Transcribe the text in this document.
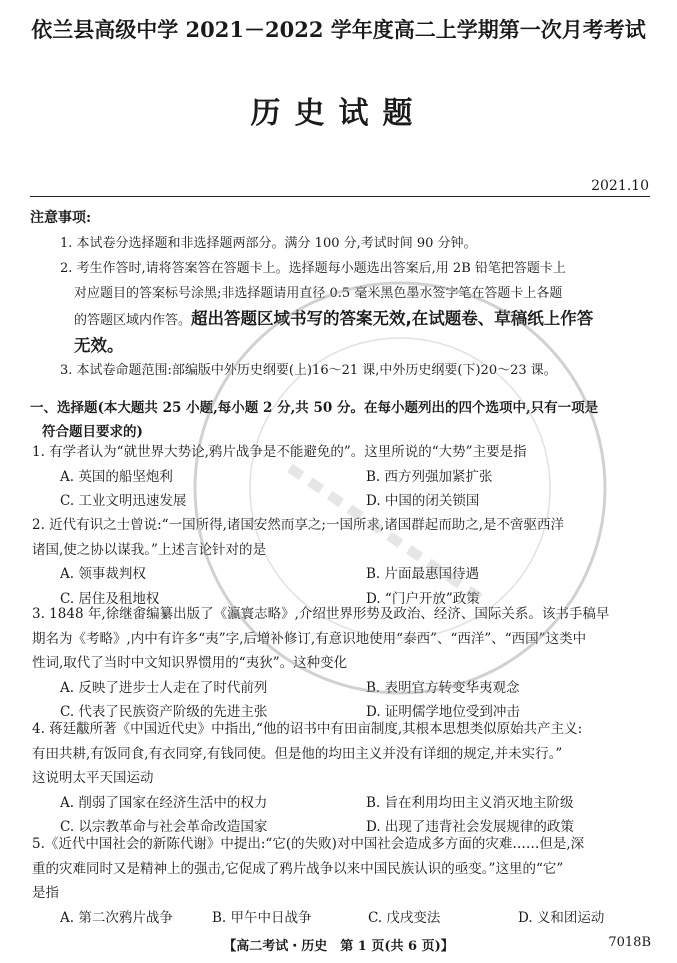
依兰县高级中学 2021－2022 学年度高二上学期第一次月考考试
历史试题
2021.10

注意事项:

1. 本试卷分选择题和非选择题两部分。满分 100 分,考试时间 90 分钟。

2. 考生作答时,请将答案答在答题卡上。选择题每小题选出答案后,用 2B 铅笔把答题卡上

对应题目的答案标号涂黑;非选择题请用直径 0.5 毫米黑色墨水签字笔在答题卡上各题

的答题区域内作答。超出答题区域书写的答案无效,在试题卷、草稿纸上作答

无效。

3. 本试卷命题范围:部编版中外历史纲要(上)16～21 课,中外历史纲要(下)20～23 课。

一、选择题(本大题共 25 小题,每小题 2 分,共 50 分。在每小题列出的四个选项中,只有一项是
符合题目要求的)

1. 有学者认为“就世界大势论,鸦片战争是不能避免的”。这里所说的“大势”主要是指

A. 英国的船坚炮利	B. 西方列强加紧扩张
C. 工业文明迅速发展	D. 中国的闭关锁国

2. 近代有识之士曾说:“一国所得,诸国安然而享之;一国所求,诸国群起而助之,是不啻驱西洋

诸国,使之协以谋我。”上述言论针对的是

A. 领事裁判权	B. 片面最惠国待遇
C. 居住及租地权	D. “门户开放”政策

3. 1848 年,徐继畬编纂出版了《瀛寰志略》,介绍世界形势及政治、经济、国际关系。该书手稿早

期名为《考略》,内中有许多“夷”字,后增补修订,有意识地使用“泰西”、“西洋”、“西国”这类中

性词,取代了当时中文知识界惯用的“夷狄”。这种变化

A. 反映了进步士人走在了时代前列	B. 表明官方转变华夷观念
C. 代表了民族资产阶级的先进主张	D. 证明儒学地位受到冲击

4. 蒋廷黻所著《中国近代史》中指出,“他的诏书中有田亩制度,其根本思想类似原始共产主义:

有田共耕,有饭同食,有衣同穿,有钱同使。但是他的均田主义并没有详细的规定,并未实行。”

这说明太平天国运动

A. 削弱了国家在经济生活中的权力	B. 旨在利用均田主义消灭地主阶级
C. 以宗教革命与社会革命改造国家	D. 出现了违背社会发展规律的政策

5.《近代中国社会的新陈代谢》中提出:“它(的失败)对中国社会造成多方面的灾难……但是,深

重的灾难同时又是精神上的强击,它促成了鸦片战争以来中国民族认识的亟变。”这里的“它”

是指

A. 第二次鸦片战争	B. 甲午中日战争	C. 戊戌变法	D. 义和团运动
【高二考试・历史　第 1 页(共 6 页)】	7018B
